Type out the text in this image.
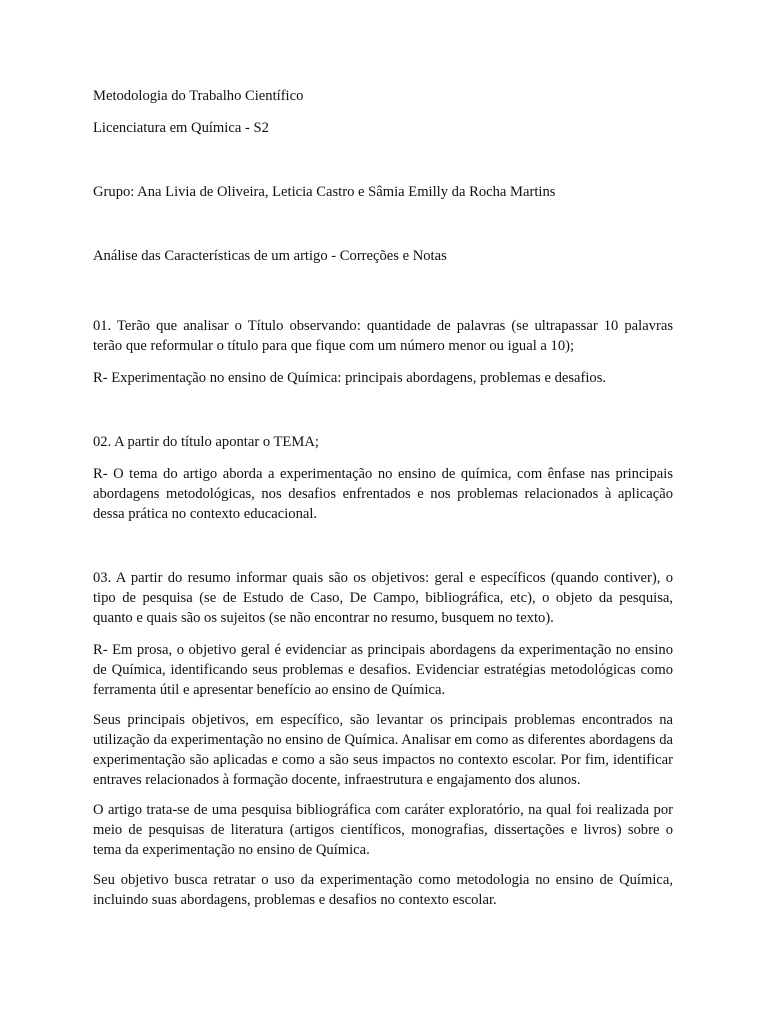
Metodologia do Trabalho Científico

Licenciatura em Química - S2

Grupo: Ana Livia de Oliveira, Leticia Castro e Sâmia Emilly da Rocha Martins

Análise das Características de um artigo - Correções e Notas

01. Terão que analisar o Título observando: quantidade de palavras (se ultrapassar 10 palavras terão que reformular o título para que fique com um número menor ou igual a 10);

R- Experimentação no ensino de Química: principais abordagens, problemas e desafios.

02. A partir do título apontar o TEMA;

R- O tema do artigo aborda a experimentação no ensino de química, com ênfase nas principais abordagens metodológicas, nos desafios enfrentados e nos problemas relacionados à aplicação dessa prática no contexto educacional.

03. A partir do resumo informar quais são os objetivos: geral e específicos (quando contiver), o tipo de pesquisa (se de Estudo de Caso, De Campo, bibliográfica, etc), o objeto da pesquisa, quanto e quais são os sujeitos (se não encontrar no resumo, busquem no texto).

R- Em prosa, o objetivo geral é evidenciar as principais abordagens da experimentação no ensino de Química, identificando seus problemas e desafios. Evidenciar estratégias metodológicas como ferramenta útil e apresentar benefício ao ensino de Química.

Seus principais objetivos, em específico, são levantar os principais problemas encontrados na utilização da experimentação no ensino de Química. Analisar em como as diferentes abordagens da experimentação são aplicadas e como a são seus impactos no contexto escolar. Por fim, identificar entraves relacionados à formação docente, infraestrutura e engajamento dos alunos.

O artigo trata-se de uma pesquisa bibliográfica com caráter exploratório, na qual foi realizada por meio de pesquisas de literatura (artigos científicos, monografias, dissertações e livros) sobre o tema da experimentação no ensino de Química.

Seu objetivo busca retratar o uso da experimentação como metodologia no ensino de Química, incluindo suas abordagens, problemas e desafios no contexto escolar.
